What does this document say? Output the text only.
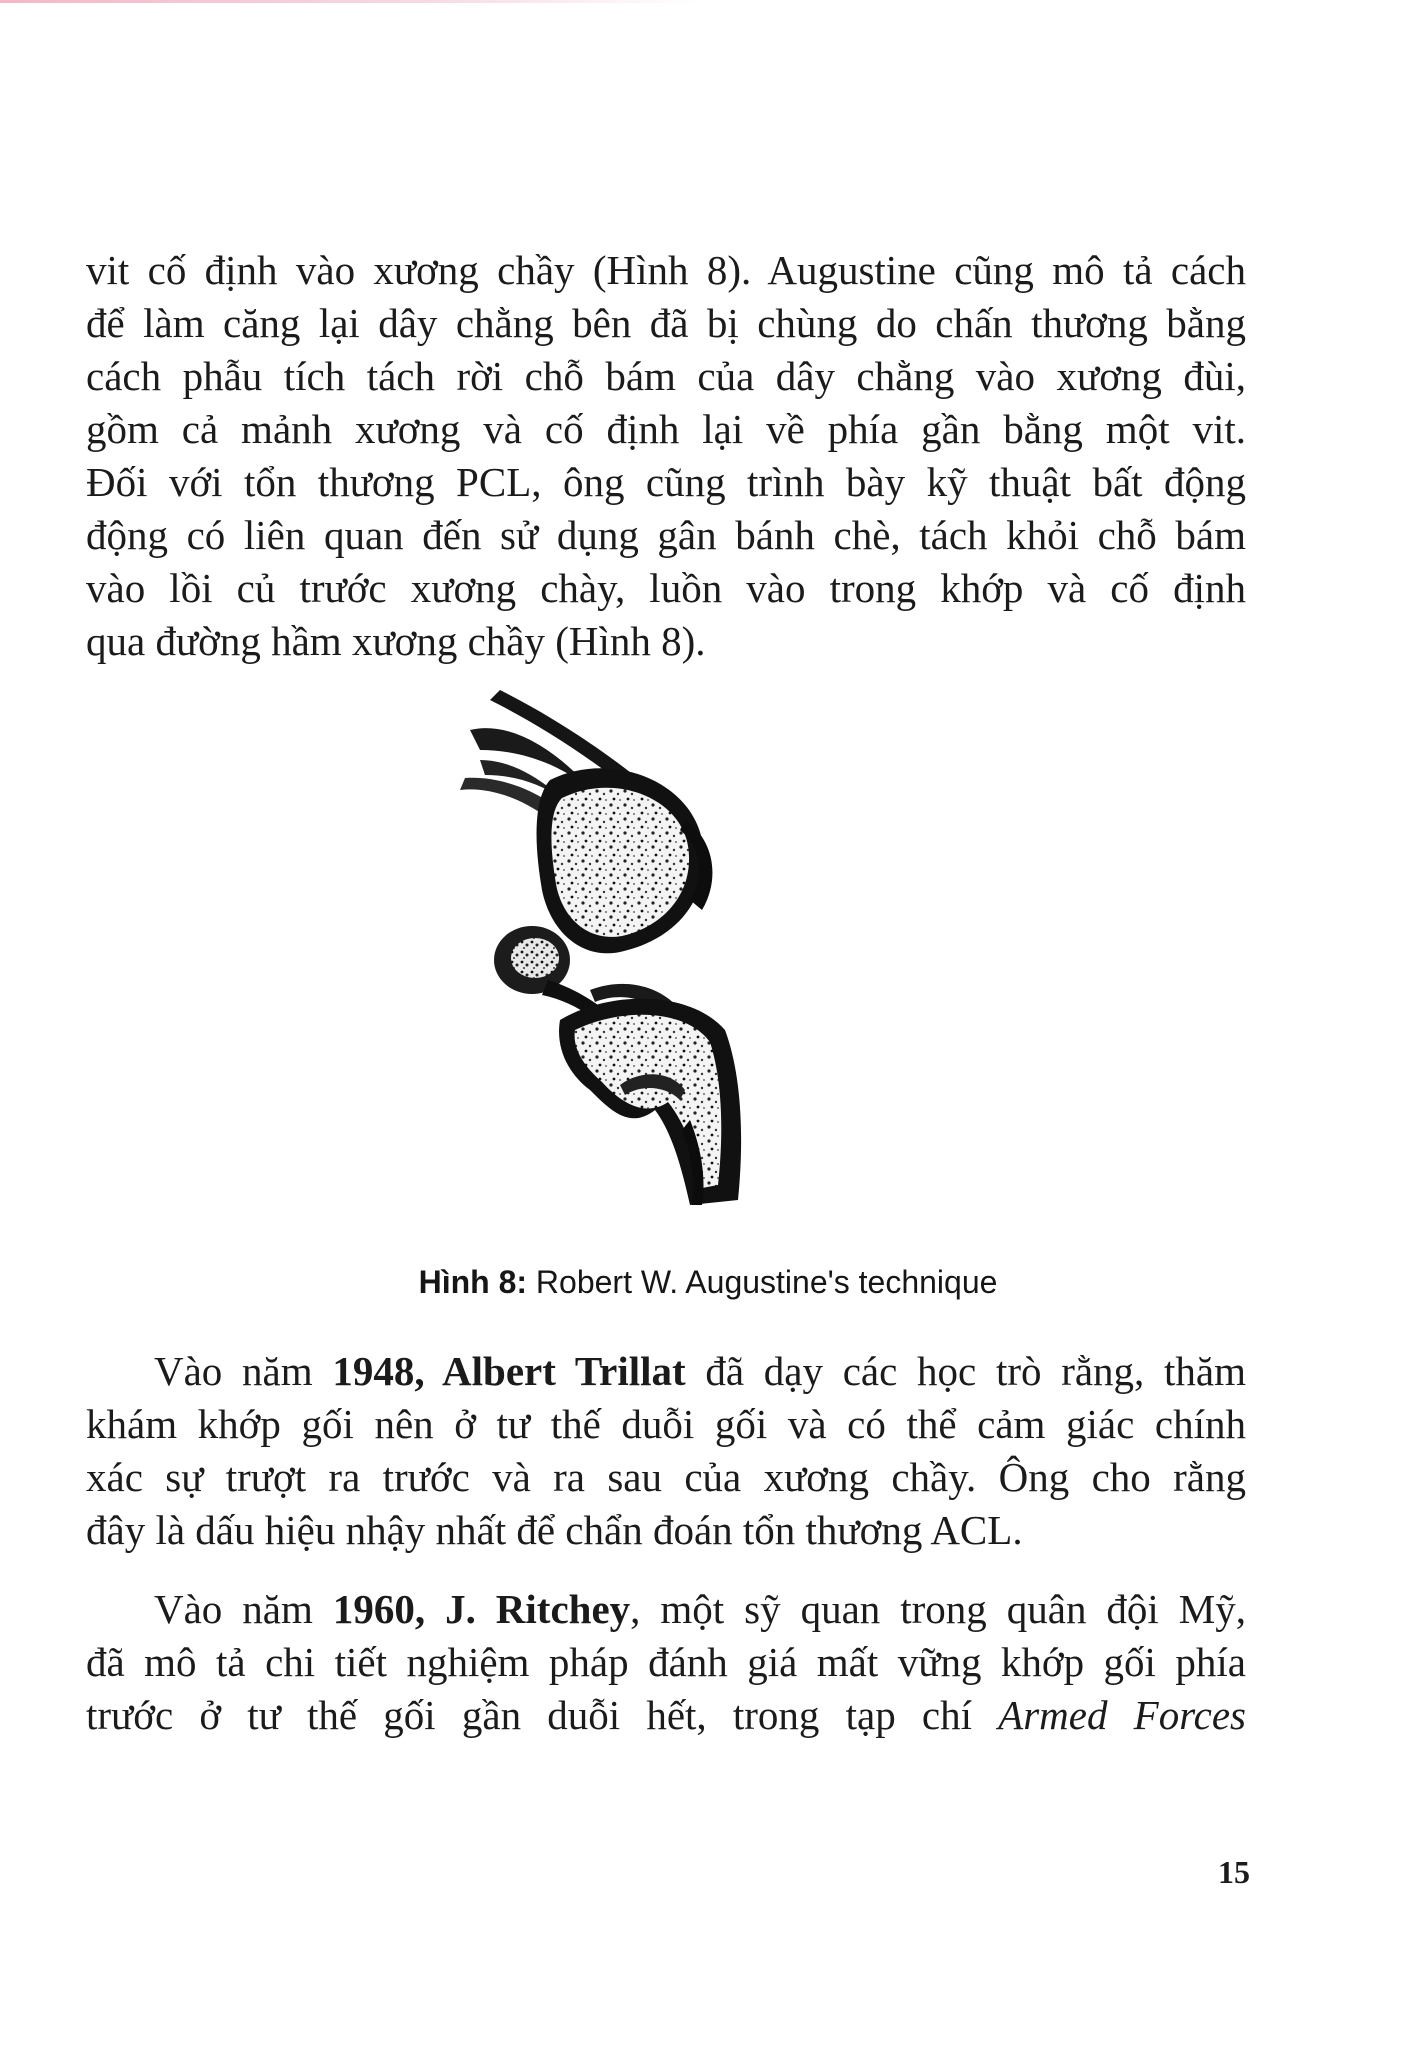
vit cố định vào xương chầy (Hình 8). Augustine cũng mô tả cách
để làm căng lại dây chằng bên đã bị chùng do chấn thương bằng
cách phẫu tích tách rời chỗ bám của dây chằng vào xương đùi,
gồm cả mảnh xương và cố định lại về phía gần bằng một vit.
Đối với tổn thương PCL, ông cũng trình bày kỹ thuật bất động
động có liên quan đến sử dụng gân bánh chè, tách khỏi chỗ bám
vào lồi củ trước xương chày, luồn vào trong khớp và cố định
qua đường hầm xương chầy (Hình 8).
Hình 8: Robert W. Augustine's technique
Vào năm 1948, Albert Trillat đã dạy các học trò rằng, thăm
khám khớp gối nên ở tư thế duỗi gối và có thể cảm giác chính
xác sự trượt ra trước và ra sau của xương chầy. Ông cho rằng
đây là dấu hiệu nhậy nhất để chẩn đoán tổn thương ACL.
Vào năm 1960, J. Ritchey, một sỹ quan trong quân đội Mỹ,
đã mô tả chi tiết nghiệm pháp đánh giá mất vững khớp gối phía
trước ở tư thế gối gần duỗi hết, trong tạp chí Armed Forces
15
